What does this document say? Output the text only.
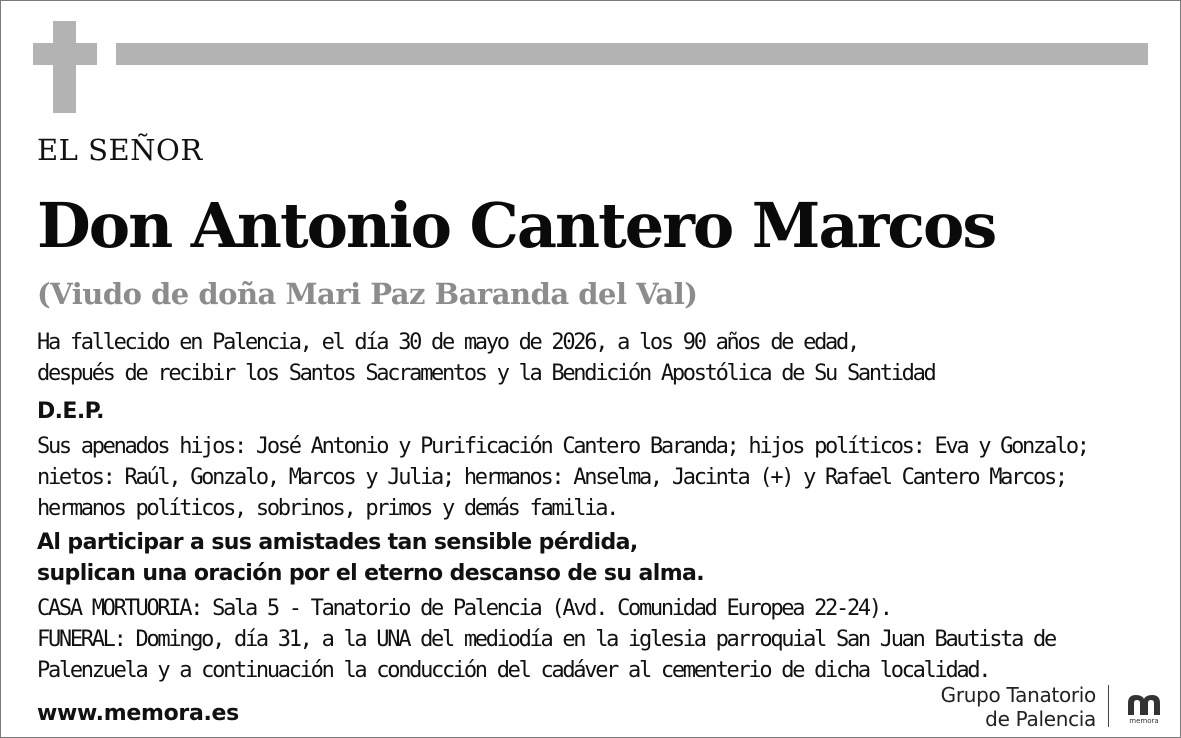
EL SEÑOR
Don Antonio Cantero Marcos
(Viudo de doña Mari Paz Baranda del Val)
Ha fallecido en Palencia, el día 30 de mayo de 2026, a los 90 años de edad,
después de recibir los Santos Sacramentos y la Bendición Apostólica de Su Santidad
D.E.P.
Sus apenados hijos: José Antonio y Purificación Cantero Baranda; hijos políticos: Eva y Gonzalo;
nietos: Raúl, Gonzalo, Marcos y Julia; hermanos: Anselma, Jacinta (+) y Rafael Cantero Marcos;
hermanos políticos, sobrinos, primos y demás familia.
Al participar a sus amistades tan sensible pérdida,
suplican una oración por el eterno descanso de su alma.
CASA MORTUORIA: Sala 5 - Tanatorio de Palencia (Avd. Comunidad Europea 22-24).
FUNERAL: Domingo, día 31, a la UNA del mediodía en la iglesia parroquial San Juan Bautista de
Palenzuela y a continuación la conducción del cadáver al cementerio de dicha localidad.
www.memora.es
Grupo Tanatorio
de Palencia	memora
